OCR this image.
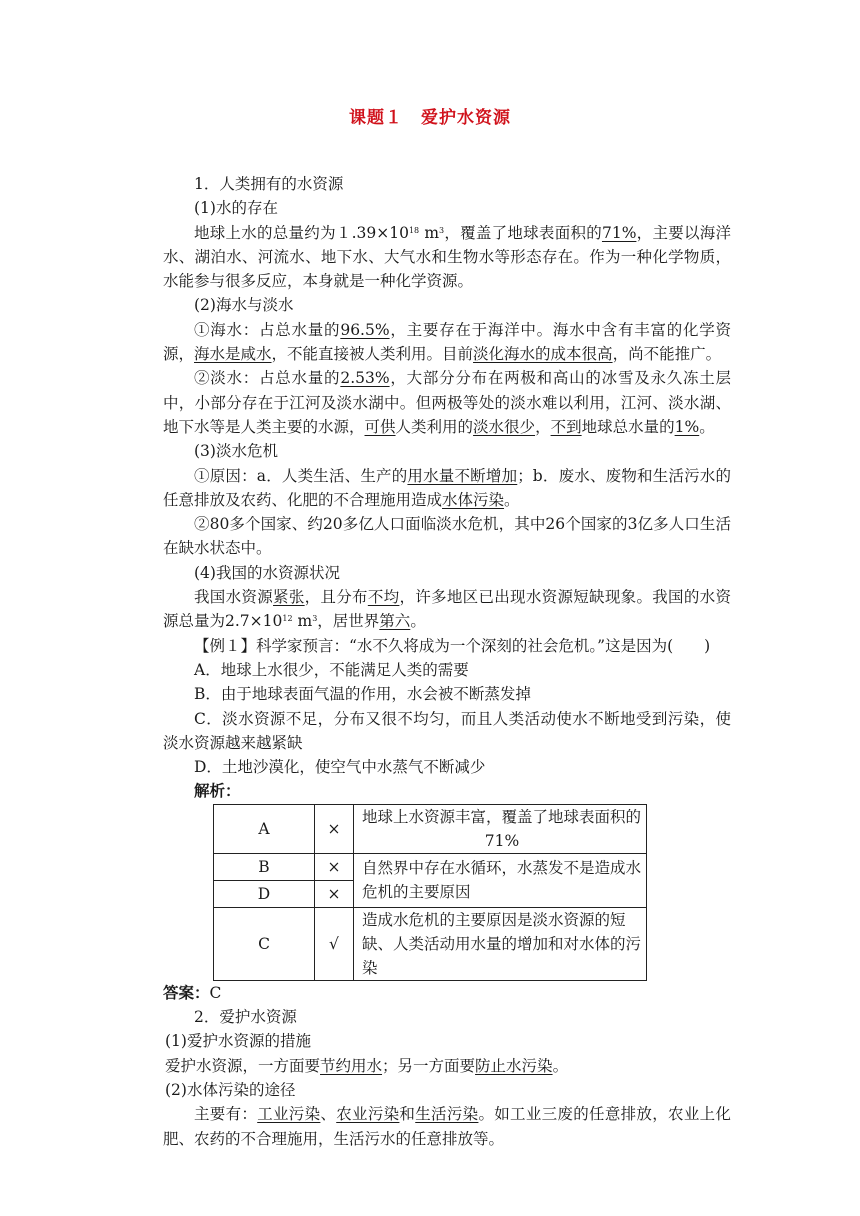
课题１　爱护水资源

1．人类拥有的水资源

(1)水的存在

地球上水的总量约为$1.39\times 10^{18}$ $m^3$，覆盖了地球表面积的71%，主要以海洋水、湖泊水、河流水、地下水、大气水和生物水等形态存在。作为一种化学物质，水能参与很多反应，本身就是一种化学资源。

(2)海水与淡水

①海水：占总水量的96.5%，主要存在于海洋中。海水中含有丰富的化学资源，海水是咸水，不能直接被人类利用。目前淡化海水的成本很高，尚不能推广。

②淡水：占总水量的2.53%，大部分分布在两极和高山的冰雪及永久冻土层中，小部分存在于江河及淡水湖中。但两极等处的淡水难以利用，江河、淡水湖、地下水等是人类主要的水源，可供人类利用的淡水很少，不到地球总水量的1%。

(3)淡水危机

①原因：a．人类生活、生产的用水量不断增加；b．废水、废物和生活污水的任意排放及农药、化肥的不合理施用造成水体污染。

②80多个国家、约20多亿人口面临淡水危机，其中26个国家的3亿多人口生活在缺水状态中。

(4)我国的水资源状况

我国水资源紧张，且分布不均，许多地区已出现水资源短缺现象。我国的水资源总量为$2.7\times 10^{12}$ $m^3$，居世界第六。

【例１】科学家预言：“水不久将成为一个深刻的社会危机。”这是因为(　　)

A．地球上水很少，不能满足人类的需要

B．由于地球表面气温的作用，水会被不断蒸发掉

C．淡水资源不足，分布又很不均匀，而且人类活动使水不断地受到污染，使淡水资源越来越紧缺

D．土地沙漠化，使空气中水蒸气不断减少

解析：

A	×	地球上水资源丰富，覆盖了地球表面积的
71%

B	×	自然界中存在水循环，水蒸发不是造成水危机的主要原因
D	×	
C	√	造成水危机的主要原因是淡水资源的短缺、人类活动用水量的增加和对水体的污染

答案：C

2．爱护水资源

(1)爱护水资源的措施

爱护水资源，一方面要节约用水；另一方面要防止水污染。

(2)水体污染的途径

主要有：工业污染、农业污染和生活污染。如工业三废的任意排放，农业上化肥、农药的不合理施用，生活污水的任意排放等。
